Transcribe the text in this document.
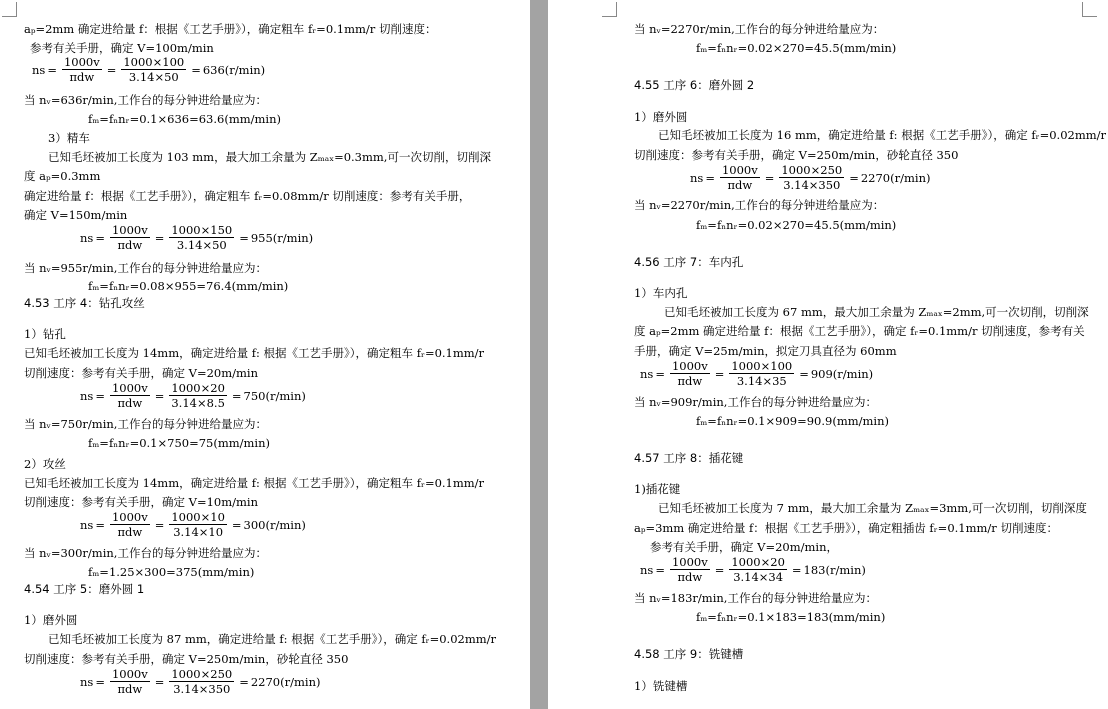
aₚ=2mm 确定进给量 f：根据《工艺手册》），确定粗车 fᵣ=0.1mm/r 切削速度：
参考有关手册，确定 V=100m/min
ns = $\frac{1000v}{\text{πdw}} = \frac{1000\times 100}{3.14\times 50} = 636(r/\min)$
当 nᵥ=636r/min,工作台的每分钟进给量应为：
fₘ=fₙnᵣ=0.1×636=63.6(mm/min)
3）精车
已知毛坯被加工长度为 103 mm，最大加工余量为 Zₘₐₓ=0.3mm,可一次切削，切削深
度 aₚ=0.3mm
确定进给量 f：根据《工艺手册》），确定粗车 fᵣ=0.08mm/r 切削速度：参考有关手册，
确定 V=150m/min
ns = $\frac{1000v}{\text{πdw}} = \frac{1000\times 150}{3.14\times 50} = 955(r/\min)$
当 nᵥ=955r/min,工作台的每分钟进给量应为：
fₘ=fₙnᵣ=0.08×955=76.4(mm/min)
4.53 工序 4：钻孔攻丝
1）钻孔
已知毛坯被加工长度为 14mm，确定进给量 f: 根据《工艺手册》），确定粗车 fᵣ=0.1mm/r
切削速度：参考有关手册，确定 V=20m/min
ns = $\frac{1000v}{\text{πdw}} = \frac{1000\times 20}{3.14\times 8.5} = 750(r/\min)$
当 nᵥ=750r/min,工作台的每分钟进给量应为：
fₘ=fₙnᵣ=0.1×750=75(mm/min)
2）攻丝
已知毛坯被加工长度为 14mm，确定进给量 f: 根据《工艺手册》），确定粗车 fᵣ=0.1mm/r
切削速度：参考有关手册，确定 V=10m/min
ns = $\frac{1000v}{\text{πdw}} = \frac{1000\times 10}{3.14\times 10} = 300(r/\min)$
当 nᵥ=300r/min,工作台的每分钟进给量应为：
fₘ=1.25×300=375(mm/min)
4.54 工序 5：磨外圆 1
1）磨外圆
已知毛坯被加工长度为 87 mm，确定进给量 f: 根据《工艺手册》），确定 fᵣ=0.02mm/r
切削速度：参考有关手册，确定 V=250m/min，砂轮直径 350
ns = $\frac{1000v}{\text{πdw}} = \frac{1000\times 250}{3.14\times 350} = 2270(r/\min)$
当 nᵥ=2270r/min,工作台的每分钟进给量应为：
fₘ=fₙnᵣ=0.02×270=45.5(mm/min)
4.55 工序 6：磨外圆 2
1）磨外圆
已知毛坯被加工长度为 16 mm，确定进给量 f: 根据《工艺手册》），确定 fᵣ=0.02mm/r
切削速度：参考有关手册，确定 V=250m/min，砂轮直径 350
ns = $\frac{1000v}{\text{πdw}} = \frac{1000\times 250}{3.14\times 350} = 2270(r/\min)$
当 nᵥ=2270r/min,工作台的每分钟进给量应为：
fₘ=fₙnᵣ=0.02×270=45.5(mm/min)
4.56 工序 7：车内孔
1）车内孔
已知毛坯被加工长度为 67 mm，最大加工余量为 Zₘₐₓ=2mm,可一次切削，切削深
度 aₚ=2mm 确定进给量 f：根据《工艺手册》），确定 fᵣ=0.1mm/r 切削速度，参考有关
手册，确定 V=25m/min，拟定刀具直径为 60mm
ns = $\frac{1000v}{\text{πdw}} = \frac{1000\times 100}{3.14\times 35} = 909(r/\min)$
当 nᵥ=909r/min,工作台的每分钟进给量应为：
fₘ=fₙnᵣ=0.1×909=90.9(mm/min)
4.57 工序 8：插花键
1)插花键
已知毛坯被加工长度为 7 mm，最大加工余量为 Zₘₐₓ=3mm,可一次切削，切削深度
aₚ=3mm 确定进给量 f：根据《工艺手册》），确定粗插齿 fᵣ=0.1mm/r 切削速度：
参考有关手册，确定 V=20m/min，
ns = $\frac{1000v}{\text{πdw}} = \frac{1000\times 20}{3.14\times 34} = 183(r/\min)$
当 nᵥ=183r/min,工作台的每分钟进给量应为：
fₘ=fₙnᵣ=0.1×183=183(mm/min)
4.58 工序 9：铣键槽
1）铣键槽
